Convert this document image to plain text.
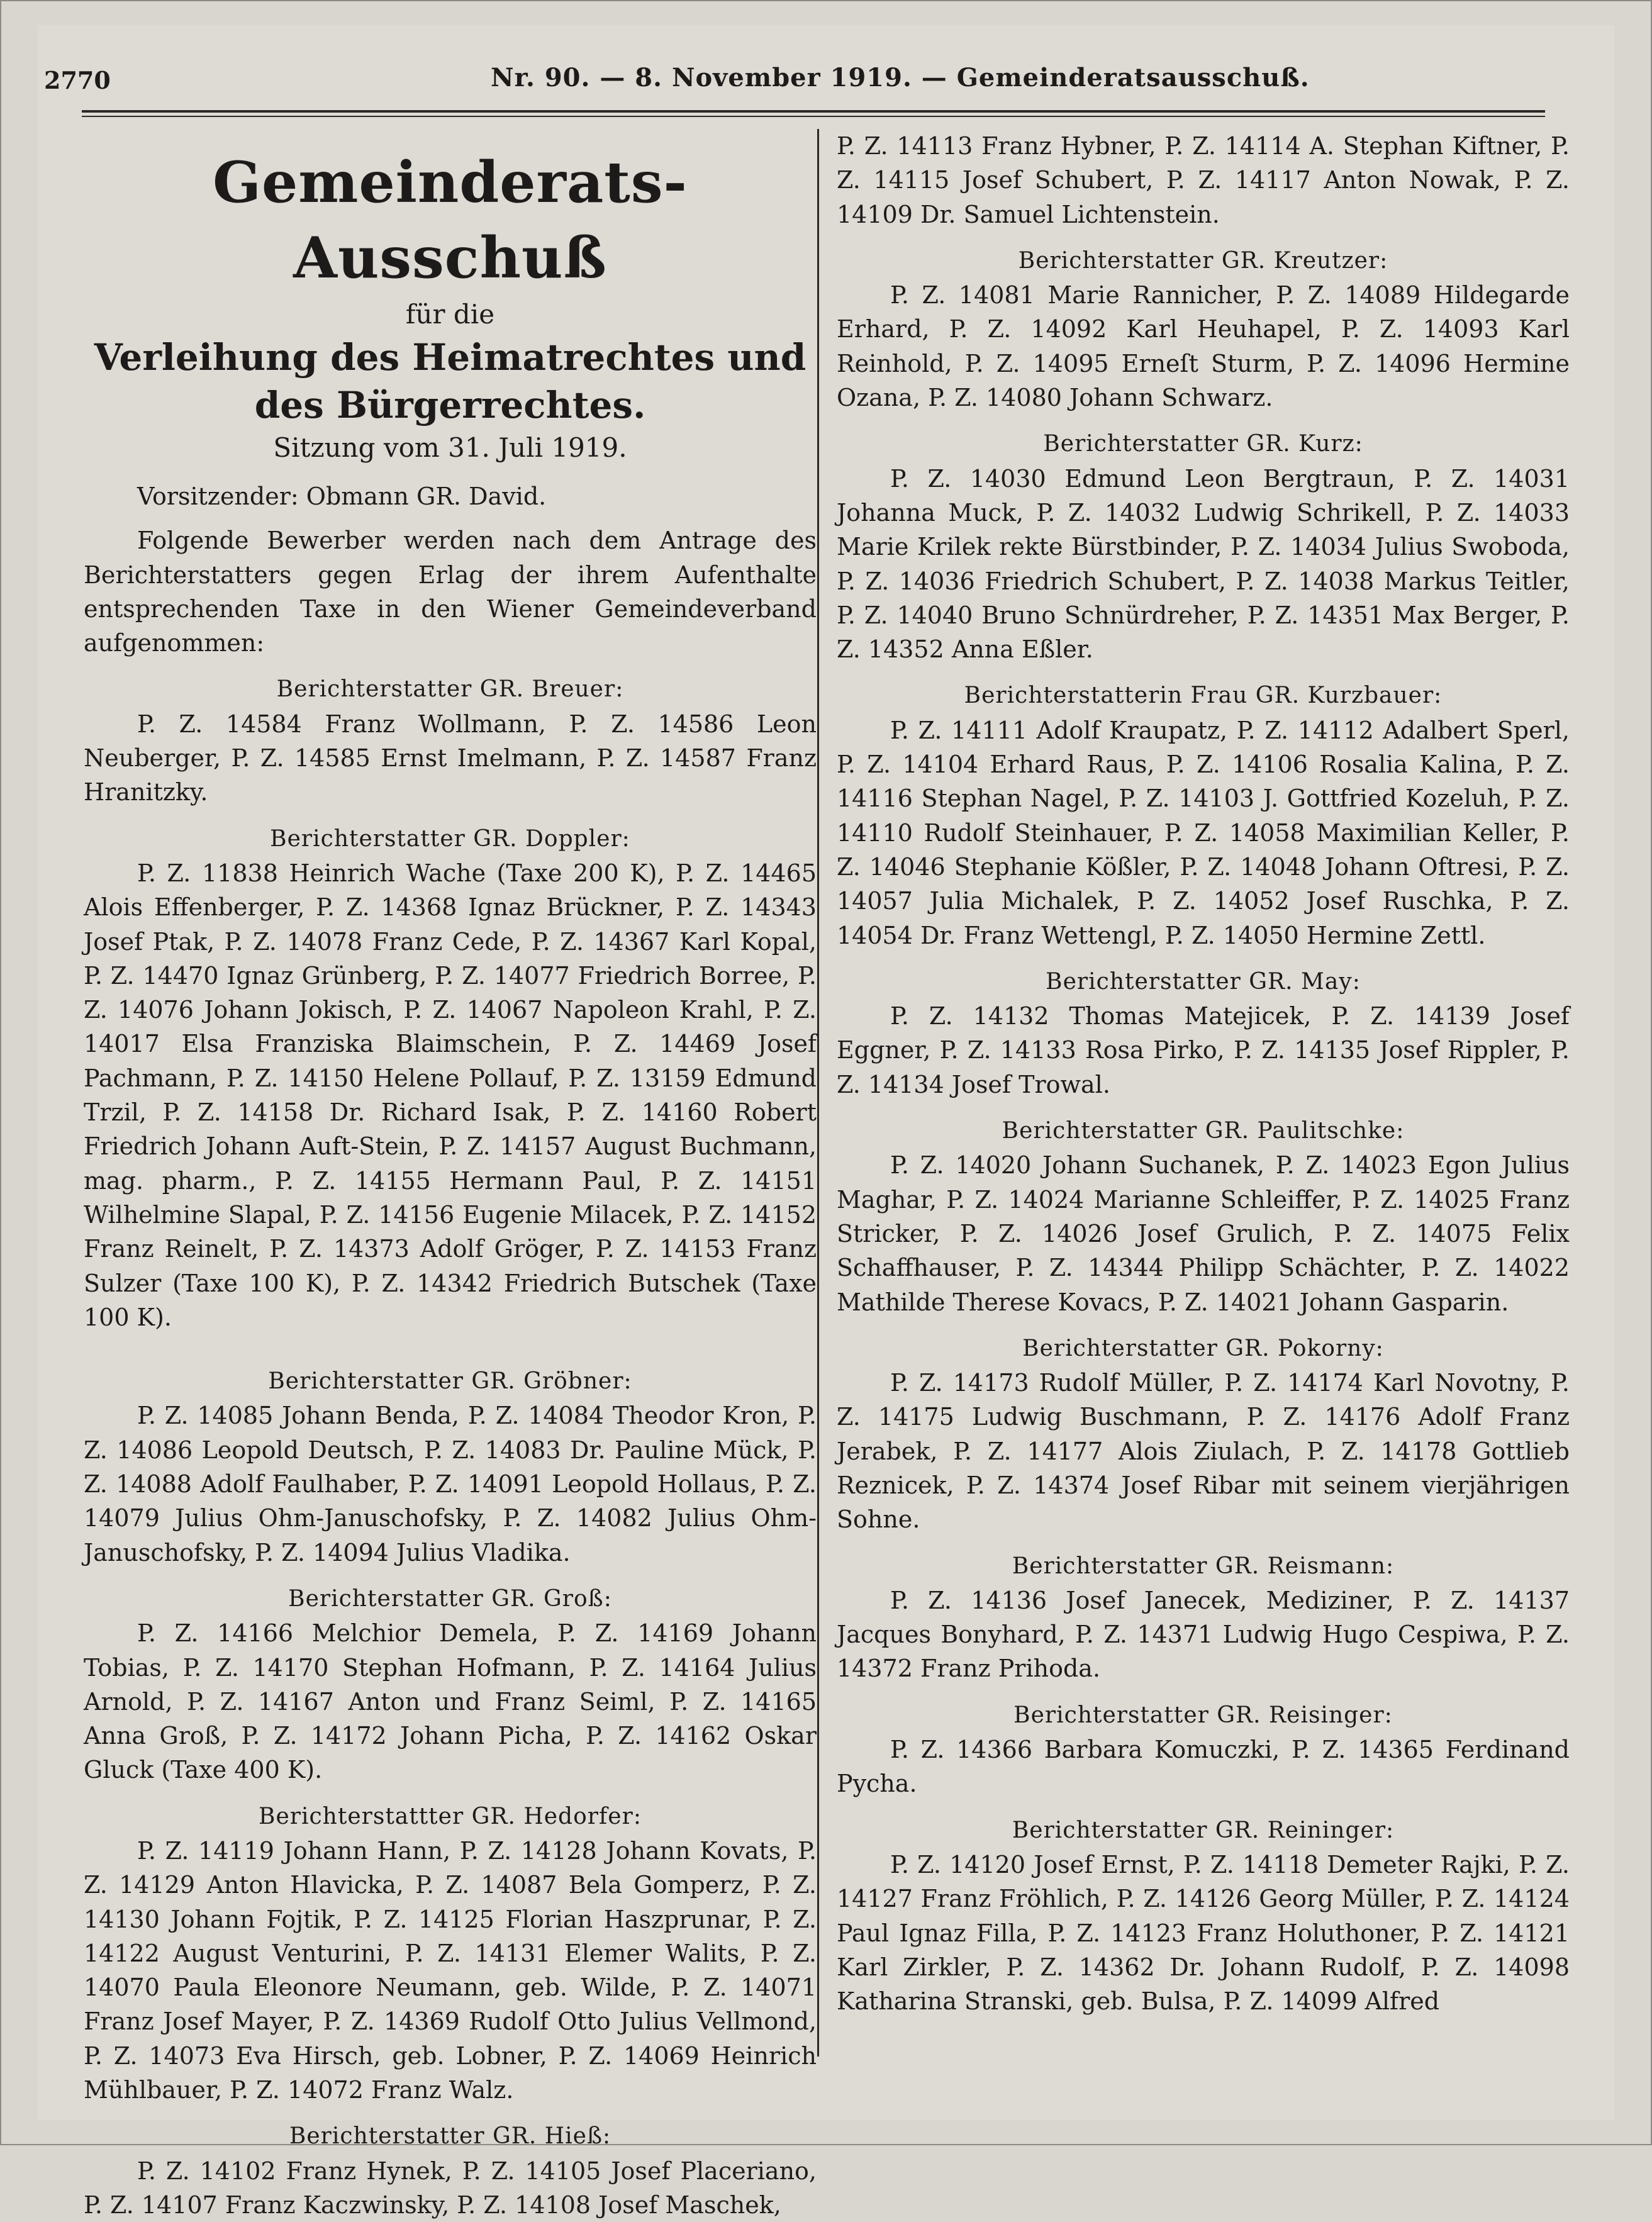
2770	Nr. 90. — 8. November 1919. — Gemeinderatsausschuß.
Gemeinderats-Ausschuß
für die
Verleihung des Heimatrechtes und des Bürgerrechtes.
Sitzung vom 31. Juli 1919.

Vorsitzender: Obmann GR. David.

Folgende Bewerber werden nach dem Antrage des Berichterstatters gegen Erlag der ihrem Aufenthalte entsprechenden Taxe in den Wiener Gemeindeverband aufgenommen:

Berichterstatter GR. Breuer:

P. Z. 14584 Franz Wollmann, P. Z. 14586 Leon Neuberger, P. Z. 14585 Ernst Imelmann, P. Z. 14587 Franz Hranitzky.

Berichterstatter GR. Doppler:

P. Z. 11838 Heinrich Wache (Taxe 200 K), P. Z. 14465 Alois Effenberger, P. Z. 14368 Ignaz Brückner, P. Z. 14343 Josef Ptak, P. Z. 14078 Franz Cede, P. Z. 14367 Karl Kopal, P. Z. 14470 Ignaz Grünberg, P. Z. 14077 Friedrich Borree, P. Z. 14076 Johann Jokisch, P. Z. 14067 Napoleon Krahl, P. Z. 14017 Elsa Franziska Blaimschein, P. Z. 14469 Josef Pachmann, P. Z. 14150 Helene Pollauf, P. Z. 13159 Edmund Trzil, P. Z. 14158 Dr. Richard Isak, P. Z. 14160 Robert Friedrich Johann Auft-Stein, P. Z. 14157 August Buchmann, mag. pharm., P. Z. 14155 Hermann Paul, P. Z. 14151 Wilhelmine Slapal, P. Z. 14156 Eugenie Milacek, P. Z. 14152 Franz Reinelt, P. Z. 14373 Adolf Gröger, P. Z. 14153 Franz Sulzer (Taxe 100 K), P. Z. 14342 Friedrich Butschek (Taxe 100 K).

Berichterstatter GR. Gröbner:

P. Z. 14085 Johann Benda, P. Z. 14084 Theodor Kron, P. Z. 14086 Leopold Deutsch, P. Z. 14083 Dr. Pauline Mück, P. Z. 14088 Adolf Faulhaber, P. Z. 14091 Leopold Hollaus, P. Z. 14079 Julius Ohm-Januschofsky, P. Z. 14082 Julius Ohm-Januschofsky, P. Z. 14094 Julius Vladika.

Berichterstatter GR. Groß:

P. Z. 14166 Melchior Demela, P. Z. 14169 Johann Tobias, P. Z. 14170 Stephan Hofmann, P. Z. 14164 Julius Arnold, P. Z. 14167 Anton und Franz Seiml, P. Z. 14165 Anna Groß, P. Z. 14172 Johann Picha, P. Z. 14162 Oskar Gluck (Taxe 400 K).

Berichterstattter GR. Hedorfer:

P. Z. 14119 Johann Hann, P. Z. 14128 Johann Kovats, P. Z. 14129 Anton Hlavicka, P. Z. 14087 Bela Gomperz, P. Z. 14130 Johann Fojtik, P. Z. 14125 Florian Haszprunar, P. Z. 14122 August Venturini, P. Z. 14131 Elemer Walits, P. Z. 14070 Paula Eleonore Neumann, geb. Wilde, P. Z. 14071 Franz Josef Mayer, P. Z. 14369 Rudolf Otto Julius Vellmond, P. Z. 14073 Eva Hirsch, geb. Lobner, P. Z. 14069 Heinrich Mühlbauer, P. Z. 14072 Franz Walz.

Berichterstatter GR. Hieß:

P. Z. 14102 Franz Hynek, P. Z. 14105 Josef Placeriano, P. Z. 14107 Franz Kaczwinsky, P. Z. 14108 Josef Maschek,

P. Z. 14113 Franz Hybner, P. Z. 14114 A. Stephan Kiftner, P. Z. 14115 Josef Schubert, P. Z. 14117 Anton Nowak, P. Z. 14109 Dr. Samuel Lichtenstein.

Berichterstatter GR. Kreutzer:

P. Z. 14081 Marie Rannicher, P. Z. 14089 Hildegarde Erhard, P. Z. 14092 Karl Heuhapel, P. Z. 14093 Karl Reinhold, P. Z. 14095 Erneſt Sturm, P. Z. 14096 Hermine Ozana, P. Z. 14080 Johann Schwarz.

Berichterstatter GR. Kurz:

P. Z. 14030 Edmund Leon Bergtraun, P. Z. 14031 Johanna Muck, P. Z. 14032 Ludwig Schrikell, P. Z. 14033 Marie Krilek rekte Bürstbinder, P. Z. 14034 Julius Swoboda, P. Z. 14036 Friedrich Schubert, P. Z. 14038 Markus Teitler, P. Z. 14040 Bruno Schnürdreher, P. Z. 14351 Max Berger, P. Z. 14352 Anna Eßler.

Berichterstatterin Frau GR. Kurzbauer:

P. Z. 14111 Adolf Kraupatz, P. Z. 14112 Adalbert Sperl, P. Z. 14104 Erhard Raus, P. Z. 14106 Rosalia Kalina, P. Z. 14116 Stephan Nagel, P. Z. 14103 J. Gottfried Kozeluh, P. Z. 14110 Rudolf Steinhauer, P. Z. 14058 Maximilian Keller, P. Z. 14046 Stephanie Kößler, P. Z. 14048 Johann Oftresi, P. Z. 14057 Julia Michalek, P. Z. 14052 Josef Ruschka, P. Z. 14054 Dr. Franz Wettengl, P. Z. 14050 Hermine Zettl.

Berichterstatter GR. May:

P. Z. 14132 Thomas Matejicek, P. Z. 14139 Josef Eggner, P. Z. 14133 Rosa Pirko, P. Z. 14135 Josef Rippler, P. Z. 14134 Josef Trowal.

Berichterstatter GR. Paulitschke:

P. Z. 14020 Johann Suchanek, P. Z. 14023 Egon Julius Maghar, P. Z. 14024 Marianne Schleiffer, P. Z. 14025 Franz Stricker, P. Z. 14026 Josef Grulich, P. Z. 14075 Felix Schaffhauser, P. Z. 14344 Philipp Schächter, P. Z. 14022 Mathilde Therese Kovacs, P. Z. 14021 Johann Gasparin.

Berichterstatter GR. Pokorny:

P. Z. 14173 Rudolf Müller, P. Z. 14174 Karl Novotny, P. Z. 14175 Ludwig Buschmann, P. Z. 14176 Adolf Franz Jerabek, P. Z. 14177 Alois Ziulach, P. Z. 14178 Gottlieb Reznicek, P. Z. 14374 Josef Ribar mit seinem vierjährigen Sohne.

Berichterstatter GR. Reismann:

P. Z. 14136 Josef Janecek, Mediziner, P. Z. 14137 Jacques Bonyhard, P. Z. 14371 Ludwig Hugo Cespiwa, P. Z. 14372 Franz Prihoda.

Berichterstatter GR. Reisinger:

P. Z. 14366 Barbara Komuczki, P. Z. 14365 Ferdinand Pycha.

Berichterstatter GR. Reininger:

P. Z. 14120 Josef Ernst, P. Z. 14118 Demeter Rajki, P. Z. 14127 Franz Fröhlich, P. Z. 14126 Georg Müller, P. Z. 14124 Paul Ignaz Filla, P. Z. 14123 Franz Holuthoner, P. Z. 14121 Karl Zirkler, P. Z. 14362 Dr. Johann Rudolf, P. Z. 14098 Katharina Stranski, geb. Bulsa, P. Z. 14099 Alfred
